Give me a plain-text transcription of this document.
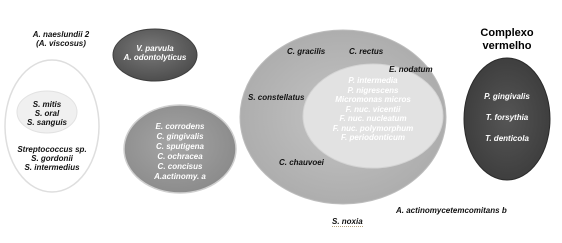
A. naeslundii 2
(A. viscosus)
V. parvula
A. odontolyticus
S. mitis
S. oral
S. sanguis
Streptococcus sp.
S. gordonii
S. intermedius
E. corrodens
C. gingivalis
C. sputigena
C. ochracea
C. concisus
A.actinomy. a
C. gracilis	C. rectus
E. nodatum
S. constellatus
C. chauvoei
P. intermedia
P. nigrescens
Micromonas micros
F. nuc. vicentii
F. nuc. nucleatum
F. nuc. polymorphum
F. periodonticum
Complexo
vermelho
P. gingivalis
T. forsythia
T. denticola
A. actinomycetemcomitans b
S. noxia
